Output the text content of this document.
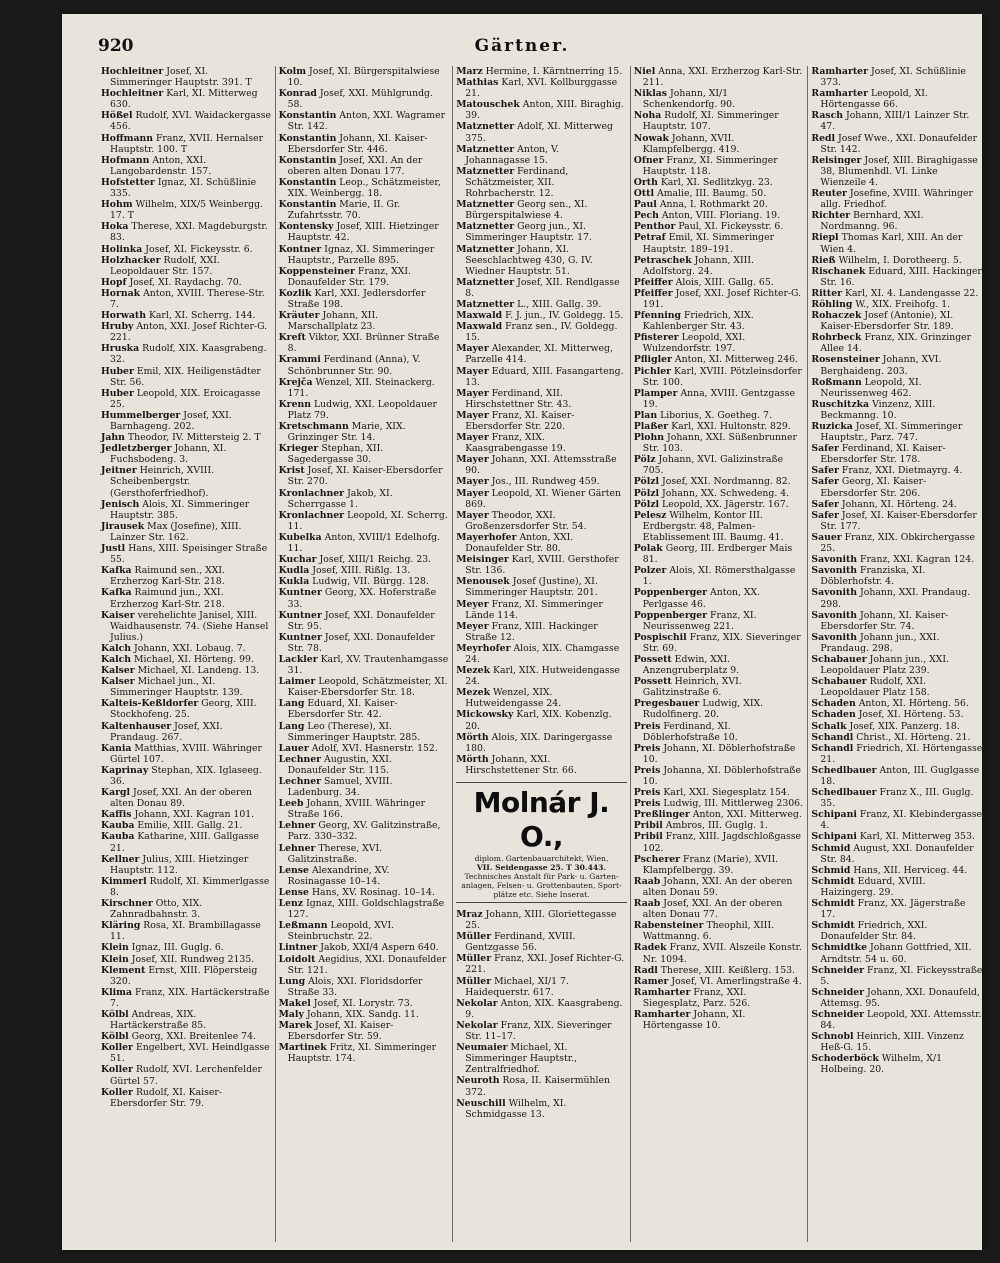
920	Gärtner.

Hochleitner Josef, XI. Simmeringer Hauptstr. 391. T

Hochleitner Karl, XI. Mitterweg 630.

Hößel Rudolf, XVI. Waidackergasse 456.

Hoffmann Franz, XVII. Hernalser Hauptstr. 100. T

Hofmann Anton, XXI. Langobardenstr. 157.

Hofstetter Ignaz, XI. Schüßlinie 335.

Hohm Wilhelm, XIX/5 Weinbergg. 17. T

Hoka Therese, XXI. Magdeburgstr. 83.

Holinka Josef, XI. Fickeysstr. 6.

Holzhacker Rudolf, XXI. Leopoldauer Str. 157.

Hopf Josef, XI. Raydachg. 70.

Hornak Anton, XVIII. Therese-Str. 7.

Horwath Karl, XI. Scherrg. 144.

Hruby Anton, XXI. Josef Richter-G. 221.

Hruska Rudolf, XIX. Kaasgrabeng. 32.

Huber Emil, XIX. Heiligenstädter Str. 56.

Huber Leopold, XIX. Eroicagasse 25.

Hummelberger Josef, XXI. Barnhageng. 202.

Jahn Theodor, IV. Mittersteig 2. T

Jedletzberger Johann, XI. Fuchsbodeng. 3.

Jeitner Heinrich, XVIII. Scheibenbergstr. (Gersthoferfriedhof).

Jenisch Alois, XI. Simmeringer Hauptstr. 385.

Jirausek Max (Josefine), XIII. Lainzer Str. 162.

Justl Hans, XIII. Speisinger Straße 55.

Kafka Raimund sen., XXI. Erzherzog Karl-Str. 218.

Kafka Raimund jun., XXI. Erzherzog Karl-Str. 218.

Kaiser verehelichte Janisel, XIII. Waidhausenstr. 74. (Siehe Hansel Julius.)

Kalch Johann, XXI. Lobaug. 7.

Kalch Michael, XI. Hörteng. 99.

Kalser Michael, XI. Landeng. 13.

Kalser Michael jun., XI. Simmeringer Hauptstr. 139.

Kalteis-Keßldorfer Georg, XIII. Stockhofeng. 25.

Kaltenhauser Josef, XXI. Prandaug. 267.

Kania Matthias, XVIII. Währinger Gürtel 107.

Kaprinay Stephan, XIX. Iglaseeg. 36.

Kargl Josef, XXI. An der oberen alten Donau 89.

Kaffis Johann, XXI. Kagran 101.

Kauba Emilie, XIII. Gallg. 21.

Kauba Katharine, XIII. Gallgasse 21.

Kellner Julius, XIII. Hietzinger Hauptstr. 112.

Kimmerl Rudolf, XI. Kimmerlgasse 8.

Kirschner Otto, XIX. Zahnradbahnstr. 3.

Kläring Rosa, XI. Brambillagasse 11.

Klein Ignaz, III. Guglg. 6.

Klein Josef, XII. Rundweg 2135.

Klement Ernst, XIII. Flöpersteig 320.

Klima Franz, XIX. Hartäckerstraße 7.

Kölbl Andreas, XIX. Hartäckerstraße 85.

Kölbl Georg, XXI. Breitenlee 74.

Koller Engelbert, XVI. Heindlgasse 51.

Koller Rudolf, XVI. Lerchenfelder Gürtel 57.

Koller Rudolf, XI. Kaiser-Ebersdorfer Str. 79.

Kolm Josef, XI. Bürgerspitalwiese 10.

Konrad Josef, XXI. Mühlgrundg. 58.

Konstantin Anton, XXI. Wagramer Str. 142.

Konstantin Johann, XI. Kaiser-Ebersdorfer Str. 446.

Konstantin Josef, XXI. An der oberen alten Donau 177.

Konstantin Leop., Schätzmeister, XIX. Weinbergg. 18.

Konstantin Marie, II. Gr. Zufahrtsstr. 70.

Kontensky Josef, XIII. Hietzinger Hauptstr. 42.

Kontner Ignaz, XI. Simmeringer Hauptstr., Parzelle 895.

Koppensteiner Franz, XXI. Donaufelder Str. 179.

Kozlik Karl, XXI. Jedlersdorfer Straße 198.

Kräuter Johann, XII. Marschallplatz 23.

Kreft Viktor, XXI. Brünner Straße 8.

Krammi Ferdinand (Anna), V. Schönbrunner Str. 90.

Krejča Wenzel, XII. Steinackerg. 171.

Krenn Ludwig, XXI. Leopoldauer Platz 79.

Kretschmann Marie, XIX. Grinzinger Str. 14.

Krieger Stephan, XII. Sagedergasse 30.

Krist Josef, XI. Kaiser-Ebersdorfer Str. 270.

Kronlachner Jakob, XI. Scherrgasse 1.

Kronlachner Leopold, XI. Scherrg. 11.

Kubelka Anton, XVIII/1 Edelhofg. 11.

Kuchar Josef, XIII/1 Reichg. 23.

Kudla Josef, XIII. Rißlg. 13.

Kukla Ludwig, VII. Bürgg. 128.

Kuntner Georg, XX. Hoferstraße 33.

Kuntner Josef, XXI. Donaufelder Str. 95.

Kuntner Josef, XXI. Donaufelder Str. 78.

Lackler Karl, XV. Trautenhamgasse 31.

Laimer Leopold, Schätzmeister, XI. Kaiser-Ebersdorfer Str. 18.

Lang Eduard, XI. Kaiser-Ebersdorfer Str. 42.

Lang Leo (Therese), XI. Simmeringer Hauptstr. 285.

Lauer Adolf, XVI. Hasnerstr. 152.

Lechner Augustin, XXI. Donaufelder Str. 115.

Lechner Samuel, XVIII. Ladenburg. 34.

Leeb Johann, XVIII. Währinger Straße 166.

Lehner Georg, XV. Galitzinstraße, Parz. 330–332.

Lehner Therese, XVI. Galitzinstraße.

Lense Alexandrine, XV. Rosinagasse 10–14.

Lense Hans, XV. Rosinag. 10–14.

Lenz Ignaz, XIII. Goldschlagstraße 127.

Leßmann Leopold, XVI. Steinbruchstr. 22.

Lintner Jakob, XXI/4 Aspern 640.

Loidolt Aegidius, XXI. Donaufelder Str. 121.

Lung Alois, XXI. Floridsdorfer Straße 33.

Makel Josef, XI. Lorystr. 73.

Maly Johann, XIX. Sandg. 11.

Marek Josef, XI. Kaiser-Ebersdorfer Str. 59.

Martinek Fritz, XI. Simmeringer Hauptstr. 174.

Marz Hermine, I. Kärntnerring 15.

Mathias Karl, XVI. Kollburggasse 21.

Matouschek Anton, XIII. Biraghig. 39.

Matznetter Adolf, XI. Mitterweg 375.

Matznetter Anton, V. Johannagasse 15.

Matznetter Ferdinand, Schätzmeister, XII. Rohrbacherstr. 12.

Matznetter Georg sen., XI. Bürgerspitalwiese 4.

Matznetter Georg jun., XI. Simmeringer Hauptstr. 17.

Matznetter Johann, XI. Seeschlachtweg 430, G. IV. Wiedner Hauptstr. 51.

Matznetter Josef, XII. Rendlgasse 8.

Matznetter L., XIII. Gallg. 39.

Maxwald F. J. jun., IV. Goldegg. 15.

Maxwald Franz sen., IV. Goldegg. 15.

Mayer Alexander, XI. Mitterweg, Parzelle 414.

Mayer Eduard, XIII. Fasangarteng. 13.

Mayer Ferdinand, XII. Hirschstettner Str. 43.

Mayer Franz, XI. Kaiser-Ebersdorfer Str. 220.

Mayer Franz, XIX. Kaasgrabengasse 19.

Mayer Johann, XXI. Attemsstraße 90.

Mayer Jos., III. Rundweg 459.

Mayer Leopold, XI. Wiener Gärten 869.

Mayer Theodor, XXI. Großenzersdorfer Str. 54.

Mayerhofer Anton, XXI. Donaufelder Str. 80.

Meisinger Karl, XVIII. Gersthofer Str. 136.

Menousek Josef (Justine), XI. Simmeringer Hauptstr. 201.

Meyer Franz, XI. Simmeringer Lände 114.

Meyer Franz, XIII. Hackinger Straße 12.

Meyrhofer Alois, XIX. Chamgasse 24.

Mezek Karl, XIX. Hutweidengasse 24.

Mezek Wenzel, XIX. Hutweidengasse 24.

Mickowsky Karl, XIX. Kobenzlg. 20.

Mörth Alois, XIX. Daringergasse 180.

Mörth Johann, XXI. Hirschstettener Str. 66.

Molnár J. O.,
diplom. Gartenbauarchitekt, Wien,
VII. Seidengasse 25. T 30.443.
Technisches Anstalt für Park- u. Garten-
anlagen, Felsen- u. Grottenbauten, Sport-
plätze etc. Siehe Inserat.

Mraz Johann, XIII. Gloriettegasse 25.

Müller Ferdinand, XVIII. Gentzgasse 56.

Müller Franz, XXI. Josef Richter-G. 221.

Müller Michael, XI/1 7. Haidequerstr. 617.

Nekolar Anton, XIX. Kaasgrabeng. 9.

Nekolar Franz, XIX. Sieveringer Str. 11–17.

Neumaier Michael, XI. Simmeringer Hauptstr., Zentralfriedhof.

Neuroth Rosa, II. Kaisermühlen 372.

Neuschill Wilhelm, XI. Schmidgasse 13.

Niel Anna, XXI. Erzherzog Karl-Str. 211.

Niklas Johann, XI/1 Schenkendorfg. 90.

Noha Rudolf, XI. Simmeringer Hauptstr. 107.

Nowak Johann, XVII. Klampfelbergg. 419.

Ofner Franz, XI. Simmeringer Hauptstr. 118.

Orth Karl, XI. Sedlitzkyg. 23.

Ottl Amalie, III. Baumg. 50.

Paul Anna, I. Rothmarkt 20.

Pech Anton, VIII. Floriang. 19.

Penthor Paul, XI. Fickeysstr. 6.

Petraf Emil, XI. Simmeringer Hauptstr. 189–191.

Petraschek Johann, XIII. Adolfstorg. 24.

Pfeiffer Alois, XIII. Gallg. 65.

Pfeiffer Josef, XXI. Josef Richter-G. 191.

Pfenning Friedrich, XIX. Kahlenberger Str. 43.

Pfisterer Leopold, XXI. Wulzendorfstr. 197.

Pfligler Anton, XI. Mitterweg 246.

Pichler Karl, XVIII. Pötzleinsdorfer Str. 100.

Plamper Anna, XVIII. Gentzgasse 19.

Plan Liborius, X. Goetheg. 7.

Plaßer Karl, XXI. Hultonstr. 829.

Plohn Johann, XXI. Süßenbrunner Str. 103.

Pölz Johann, XVI. Galizinstraße 705.

Pölzl Josef, XXI. Nordmanng. 82.

Pölzl Johann, XX. Schwedeng. 4.

Pölzl Leopold, XX. Jägerstr. 167.

Pelesz Wilhelm, Kontor III. Erdbergstr. 48, Palmen-Etablissement III. Baumg. 41.

Polak Georg, III. Erdberger Mais 81.

Polzer Alois, XI. Römersthalgasse 1.

Poppenberger Anton, XX. Perlgasse 46.

Poppenberger Franz, XI. Neurissenweg 221.

Pospischil Franz, XIX. Sieveringer Str. 69.

Possett Edwin, XXI. Anzengruberplatz 9.

Possett Heinrich, XVI. Galitzinstraße 6.

Pregesbauer Ludwig, XIX. Rudolfinerg. 20.

Preis Ferdinand, XI. Döblerhofstraße 10.

Preis Johann, XI. Döblerhofstraße 10.

Preis Johanna, XI. Döblerhofstraße 10.

Preis Karl, XXI. Siegesplatz 154.

Preis Ludwig, III. Mittlerweg 2306.

Preßlinger Anton, XXI. Mitterweg.

Pribil Ambros, III. Guglg. 1.

Pribil Franz, XIII. Jagdschloßgasse 102.

Pscherer Franz (Marie), XVII. Klampfelbergg. 39.

Raab Johann, XXI. An der oberen alten Donau 59.

Raab Josef, XXI. An der oberen alten Donau 77.

Rabensteiner Theophil, XIII. Wattmanng. 6.

Radek Franz, XVII. Alszeile Konstr. Nr. 1094.

Radl Therese, XIII. Keißlerg. 153.

Ramer Josef, VI. Amerlingstraße 4.

Ramharter Franz, XXI. Siegesplatz, Parz. 526.

Ramharter Johann, XI. Hörtengasse 10.

Ramharter Josef, XI. Schüßlinie 373.

Ramharter Leopold, XI. Hörtengasse 66.

Rasch Johann, XIII/1 Lainzer Str. 47.

Redl Josef Wwe., XXI. Donaufelder Str. 142.

Reisinger Josef, XIII. Biraghigasse 38, Blumenhdl. VI. Linke Wienzeile 4.

Reuter Josefine, XVIII. Währinger allg. Friedhof.

Richter Bernhard, XXI. Nordmanng. 96.

Riepl Thomas Karl, XIII. An der Wien 4.

Rieß Wilhelm, I. Dorotheerg. 5.

Rischanek Eduard, XIII. Hackinger Str. 16.

Ritter Karl, XI. 4. Landengasse 22.

Röhling W., XIX. Freihofg. 1.

Rohaczek Josef (Antonie), XI. Kaiser-Ebersdorfer Str. 189.

Rohrbeck Franz, XIX. Grinzinger Allee 14.

Rosensteiner Johann, XVI. Berghaideng. 203.

Roßmann Leopold, XI. Neurissenweg 462.

Ruschitzka Vinzenz, XIII. Beckmanng. 10.

Ruzicka Josef, XI. Simmeringer Hauptstr., Parz. 747.

Safer Ferdinand, XI. Kaiser-Ebersdorfer Str. 178.

Safer Franz, XXI. Dietmayrg. 4.

Safer Georg, XI. Kaiser-Ebersdorfer Str. 206.

Safer Johann, XI. Hörteng. 24.

Safer Josef, XI. Kaiser-Ebersdorfer Str. 177.

Sauer Franz, XIX. Obkirchergasse 25.

Savonith Franz, XXI. Kagran 124.

Savonith Franziska, XI. Döblerhofstr. 4.

Savonith Johann, XXI. Prandaug. 298.

Savonith Johann, XI. Kaiser-Ebersdorfer Str. 74.

Savonith Johann jun., XXI. Prandaug. 298.

Schabauer Johann jun., XXI. Leopoldauer Platz 239.

Schabauer Rudolf, XXI. Leopoldauer Platz 158.

Schaden Anton, XI. Hörteng. 56.

Schaden Josef, XI. Hörteng. 53.

Schalk Josef, XIX. Panzerg. 18.

Schandl Christ., XI. Hörteng. 21.

Schandl Friedrich, XI. Hörtengasse 21.

Schedlbauer Anton, III. Guglgasse 18.

Schedlbauer Franz X., III. Guglg. 35.

Schipani Franz, XI. Klebindergasse 4.

Schipani Karl, XI. Mitterweg 353.

Schmid August, XXI. Donaufelder Str. 84.

Schmid Hans, XII. Herviceg. 44.

Schmidt Eduard, XVIII. Haizingerg. 29.

Schmidt Franz, XX. Jägerstraße 17.

Schmidt Friedrich, XXI. Donaufelder Str. 84.

Schmidtke Johann Gottfried, XII. Arndtstr. 54 u. 60.

Schneider Franz, XI. Fickeysstraße 5.

Schneider Johann, XXI. Donaufeld, Attemsg. 95.

Schneider Leopold, XXI. Attemsstr. 84.

Schnobl Heinrich, XIII. Vinzenz Heß-G. 15.

Schoderböck Wilhelm, X/1 Holbeing. 20.
